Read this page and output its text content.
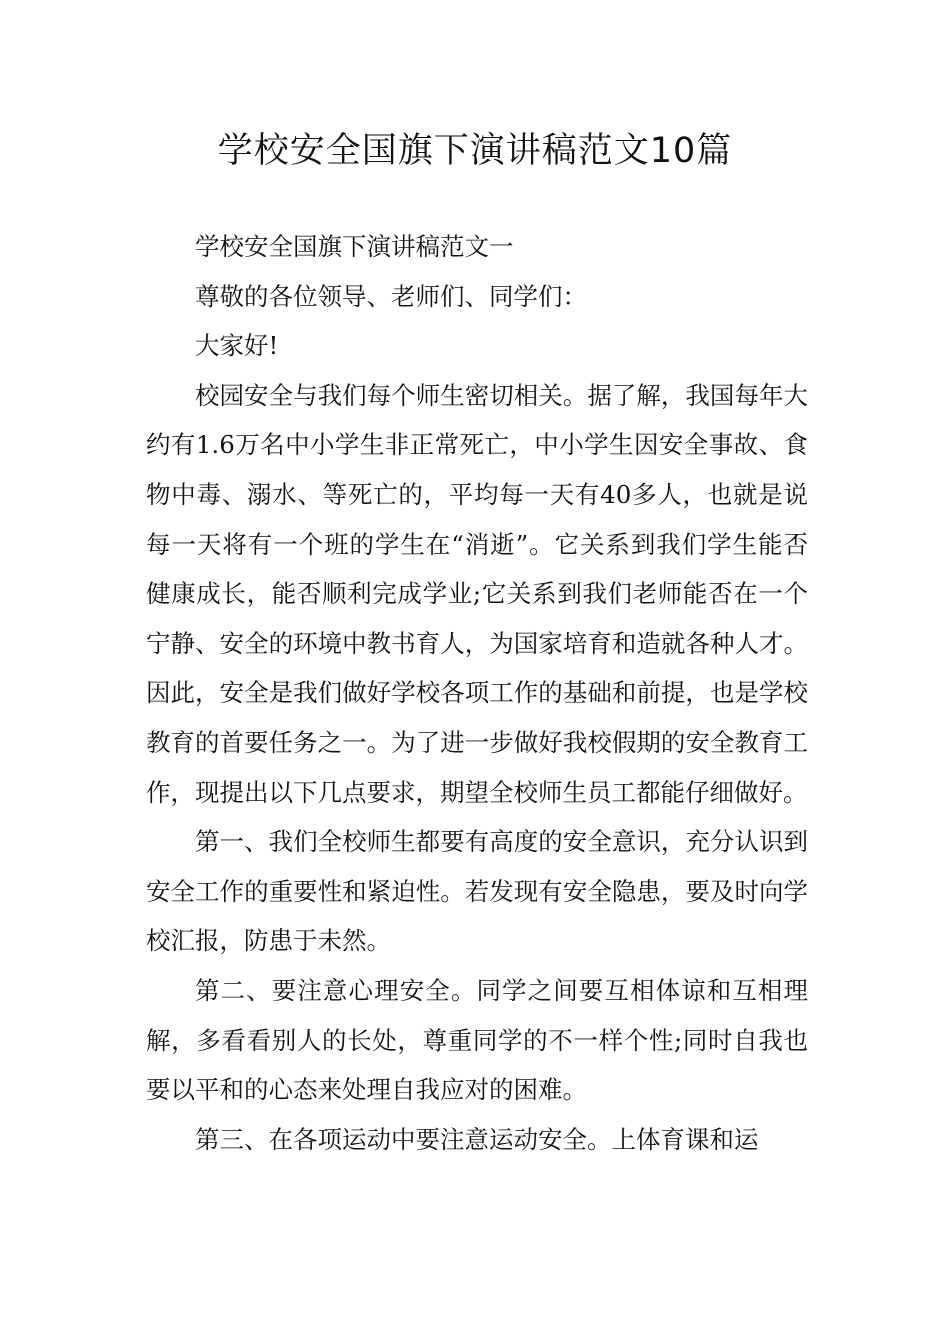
学校安全国旗下演讲稿范文10篇

学校安全国旗下演讲稿范文一

尊敬的各位领导、老师们、同学们：

大家好!

校园安全与我们每个师生密切相关。据了解，我国每年大约有1.6万名中小学生非正常死亡，中小学生因安全事故、食物中毒、溺水、等死亡的，平均每一天有40多人，也就是说每一天将有一个班的学生在“消逝”。它关系到我们学生能否健康成长，能否顺利完成学业;它关系到我们老师能否在一个宁静、安全的环境中教书育人，为国家培育和造就各种人才。因此，安全是我们做好学校各项工作的基础和前提，也是学校教育的首要任务之一。为了进一步做好我校假期的安全教育工作，现提出以下几点要求，期望全校师生员工都能仔细做好。

第一、我们全校师生都要有高度的安全意识，充分认识到安全工作的重要性和紧迫性。若发现有安全隐患，要及时向学校汇报，防患于未然。

第二、要注意心理安全。同学之间要互相体谅和互相理解，多看看别人的长处，尊重同学的不一样个性;同时自我也要以平和的心态来处理自我应对的困难。

第三、在各项运动中要注意运动安全。上体育课和运
